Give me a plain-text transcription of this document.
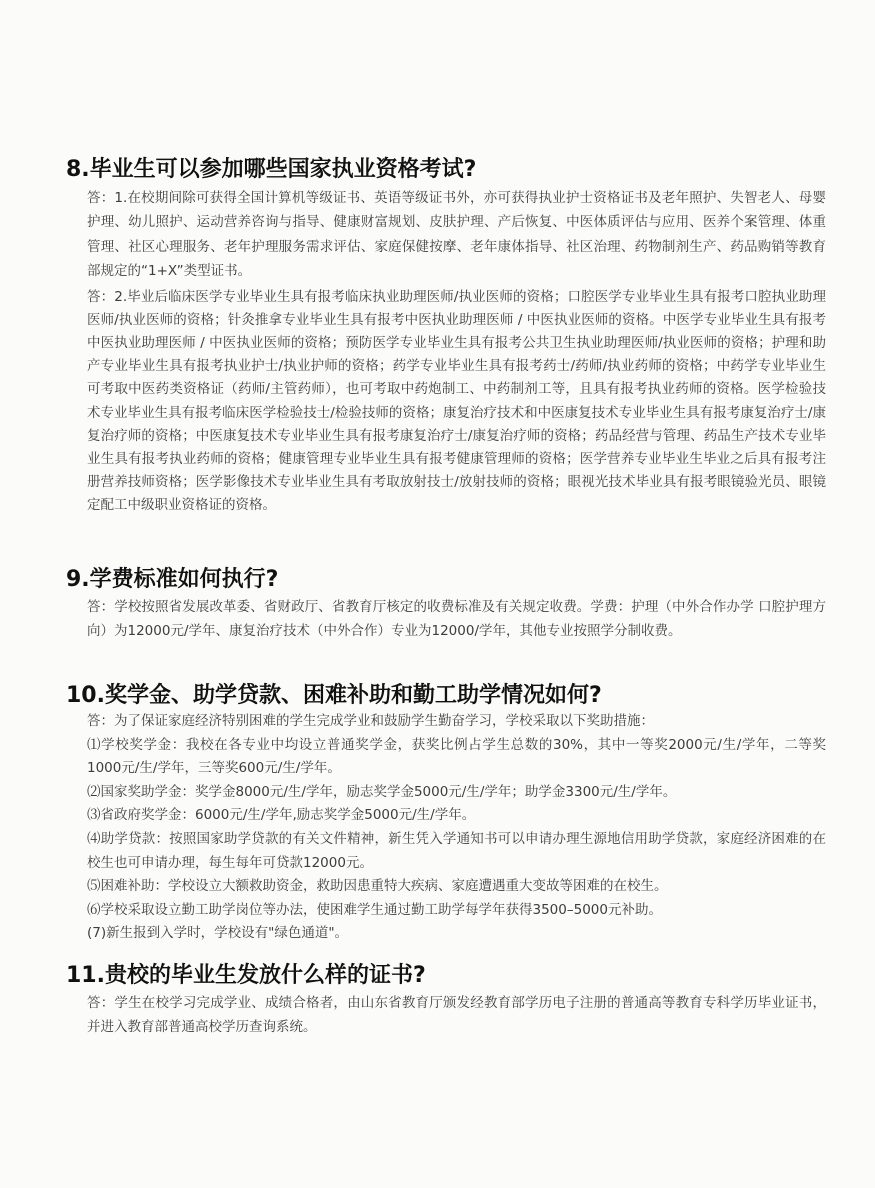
8.毕业生可以参加哪些国家执业资格考试?

答：1.在校期间除可获得全国计算机等级证书、英语等级证书外，亦可获得执业护士资格证书及老年照护、失智老人、母婴护理、幼儿照护、运动营养咨询与指导、健康财富规划、皮肤护理、产后恢复、中医体质评估与应用、医养个案管理、体重管理、社区心理服务、老年护理服务需求评估、家庭保健按摩、老年康体指导、社区治理、药物制剂生产、药品购销等教育部规定的“1+X”类型证书。

答：2.毕业后临床医学专业毕业生具有报考临床执业助理医师/执业医师的资格；口腔医学专业毕业生具有报考口腔执业助理医师/执业医师的资格；针灸推拿专业毕业生具有报考中医执业助理医师 / 中医执业医师的资格。中医学专业毕业生具有报考中医执业助理医师 / 中医执业医师的资格；预防医学专业毕业生具有报考公共卫生执业助理医师/执业医师的资格；护理和助产专业毕业生具有报考执业护士/执业护师的资格；药学专业毕业生具有报考药士/药师/执业药师的资格；中药学专业毕业生可考取中医药类资格证（药师/主管药师），也可考取中药炮制工、中药制剂工等，且具有报考执业药师的资格。医学检验技术专业毕业生具有报考临床医学检验技士/检验技师的资格；康复治疗技术和中医康复技术专业毕业生具有报考康复治疗士/康复治疗师的资格；中医康复技术专业毕业生具有报考康复治疗士/康复治疗师的资格；药品经营与管理、药品生产技术专业毕业生具有报考执业药师的资格；健康管理专业毕业生具有报考健康管理师的资格；医学营养专业毕业生毕业之后具有报考注册营养技师资格；医学影像技术专业毕业生具有考取放射技士/放射技师的资格；眼视光技术毕业具有报考眼镜验光员、眼镜定配工中级职业资格证的资格。

9.学费标准如何执行?

答：学校按照省发展改革委、省财政厅、省教育厅核定的收费标准及有关规定收费。学费：护理（中外合作办学 口腔护理方向）为12000元/学年、康复治疗技术（中外合作）专业为12000/学年，其他专业按照学分制收费。

10.奖学金、助学贷款、困难补助和勤工助学情况如何?

答：为了保证家庭经济特别困难的学生完成学业和鼓励学生勤奋学习，学校采取以下奖助措施：

⑴学校奖学金：我校在各专业中均设立普通奖学金，获奖比例占学生总数的30%，其中一等奖2000元/生/学年，二等奖1000元/生/学年，三等奖600元/生/学年。

⑵国家奖助学金：奖学金8000元/生/学年，励志奖学金5000元/生/学年；助学金3300元/生/学年。

⑶省政府奖学金：6000元/生/学年,励志奖学金5000元/生/学年。

⑷助学贷款：按照国家助学贷款的有关文件精神，新生凭入学通知书可以申请办理生源地信用助学贷款，家庭经济困难的在校生也可申请办理，每生每年可贷款12000元。

⑸困难补助：学校设立大额救助资金，救助因患重特大疾病、家庭遭遇重大变故等困难的在校生。

⑹学校采取设立勤工助学岗位等办法，使困难学生通过勤工助学每学年获得3500–5000元补助。

(7)新生报到入学时，学校设有"绿色通道"。

11.贵校的毕业生发放什么样的证书?

答：学生在校学习完成学业、成绩合格者，由山东省教育厅颁发经教育部学历电子注册的普通高等教育专科学历毕业证书，并进入教育部普通高校学历查询系统。
